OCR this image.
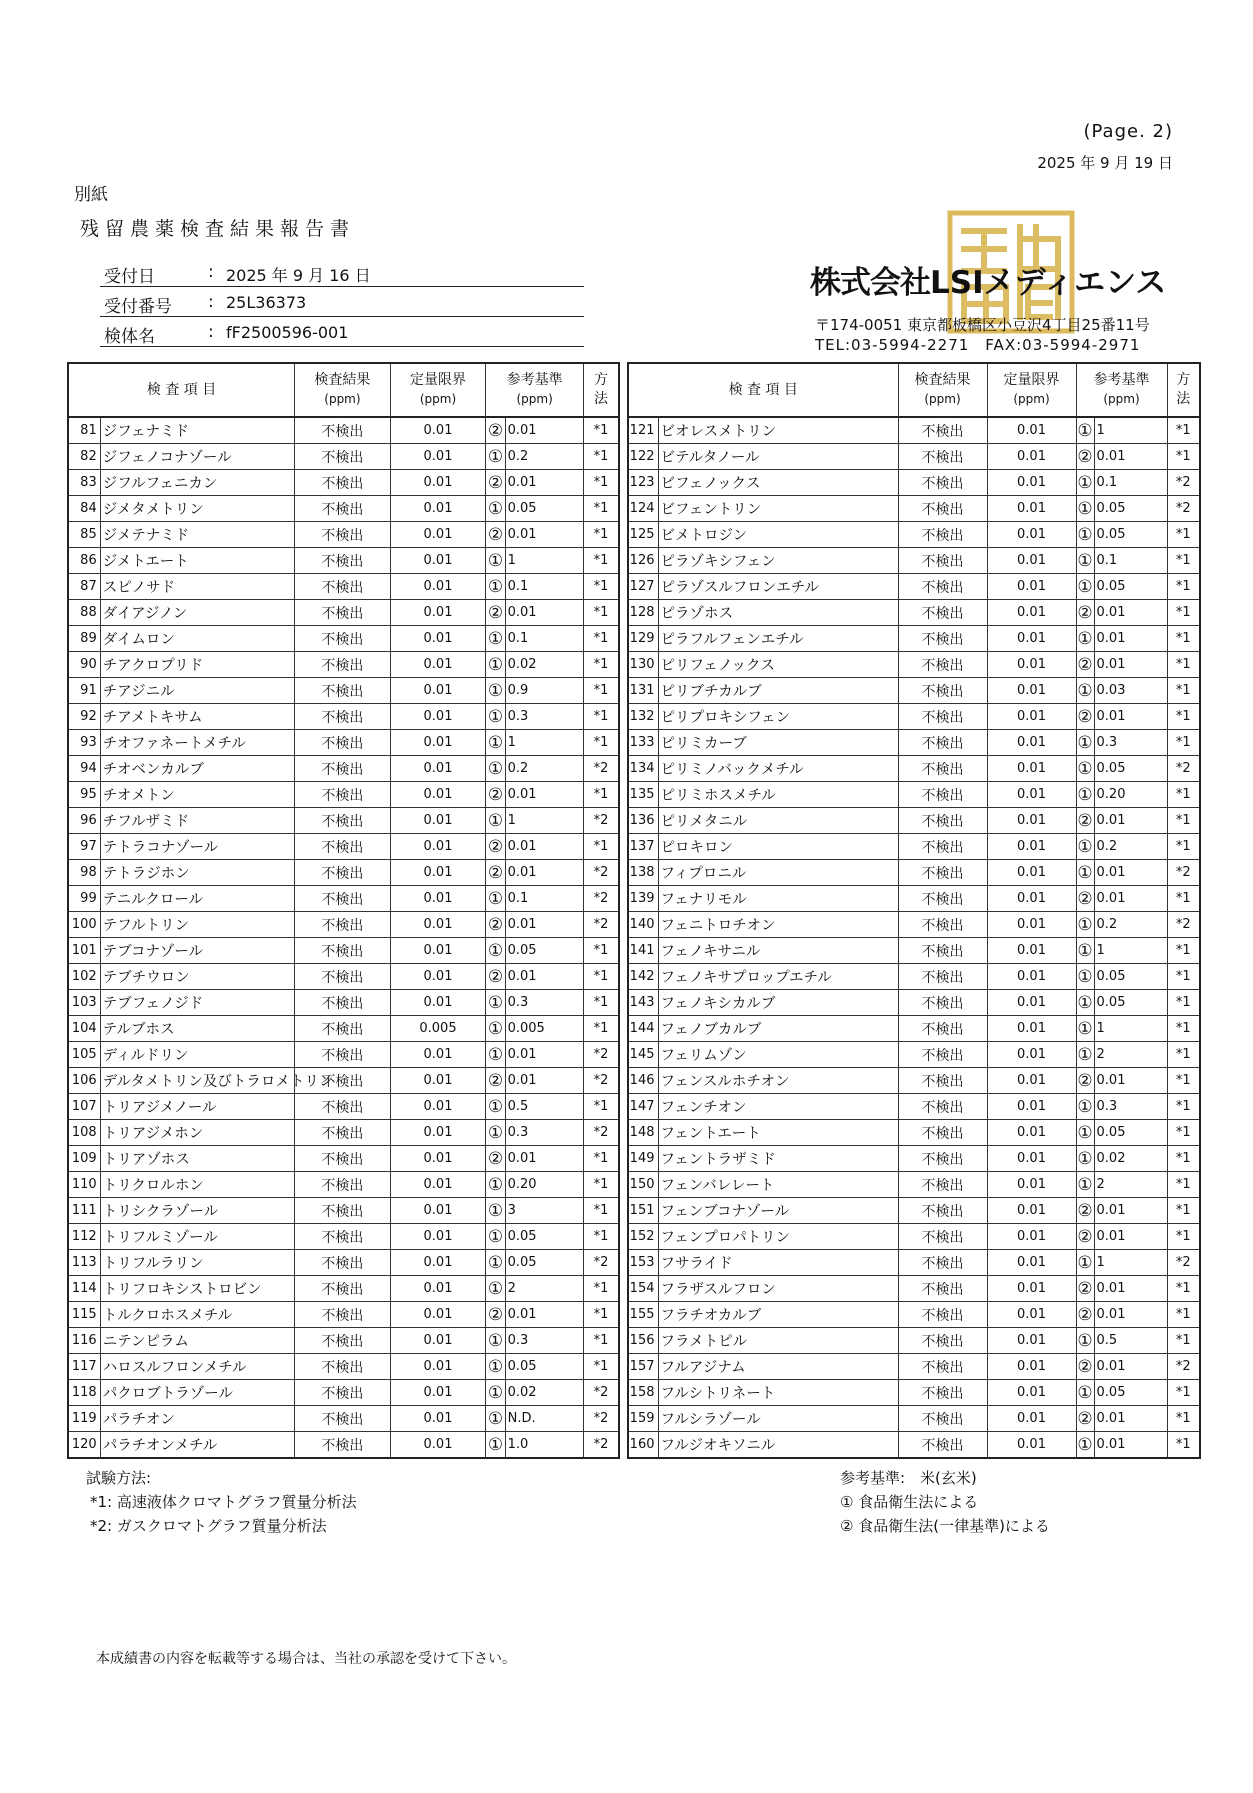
(Page. 2)
2025 年 9 月 19 日
別紙
残留農薬検査結果報告書
受付日	: 2025 年 9 月 16 日
受付番号 : 25L36373
検体名	: fF2500596-001
株式会社LSIメディエンス
〒174-0051 東京都板橋区小豆沢4丁目25番11号
TEL:03-5994-2271　FAX:03-5994-2971
検 査 項 目		検査結果
(ppm)	定量限界
(ppm)	参考基準
(ppm)		方
法
81	ジフェナミド	不検出	0.01	②	0.01	*1
82	ジフェノコナゾール	不検出	0.01	①	0.2	*1
83	ジフルフェニカン	不検出	0.01	②	0.01	*1
84	ジメタメトリン	不検出	0.01	①	0.05	*1
85	ジメテナミド	不検出	0.01	②	0.01	*1
86	ジメトエート	不検出	0.01	①	1	*1
87	スピノサド	不検出	0.01	①	0.1	*1
88	ダイアジノン	不検出	0.01	②	0.01	*1
89	ダイムロン	不検出	0.01	①	0.1	*1
90	チアクロプリド	不検出	0.01	①	0.02	*1
91	チアジニル	不検出	0.01	①	0.9	*1
92	チアメトキサム	不検出	0.01	①	0.3	*1
93	チオファネートメチル	不検出	0.01	①	1	*1
94	チオベンカルブ	不検出	0.01	①	0.2	*2
95	チオメトン	不検出	0.01	②	0.01	*1
96	チフルザミド	不検出	0.01	①	1	*2
97	テトラコナゾール	不検出	0.01	②	0.01	*1
98	テトラジホン	不検出	0.01	②	0.01	*2
99	テニルクロール	不検出	0.01	①	0.1	*2
100	テフルトリン	不検出	0.01	②	0.01	*2
101	テブコナゾール	不検出	0.01	①	0.05	*1
102	テブチウロン	不検出	0.01	②	0.01	*1
103	テブフェノジド	不検出	0.01	①	0.3	*1
104	テルブホス	不検出	0.005	①	0.005	*1
105	ディルドリン	不検出	0.01	①	0.01	*2
106	デルタメトリン及びトラロメトリン	不検出	0.01	②	0.01	*2
107	トリアジメノール	不検出	0.01	①	0.5	*1
108	トリアジメホン	不検出	0.01	①	0.3	*2
109	トリアゾホス	不検出	0.01	②	0.01	*1
110	トリクロルホン	不検出	0.01	①	0.20	*1
111	トリシクラゾール	不検出	0.01	①	3	*1
112	トリフルミゾール	不検出	0.01	①	0.05	*1
113	トリフルラリン	不検出	0.01	①	0.05	*2
114	トリフロキシストロビン	不検出	0.01	①	2	*1
115	トルクロホスメチル	不検出	0.01	②	0.01	*1
116	ニテンピラム	不検出	0.01	①	0.3	*1
117	ハロスルフロンメチル	不検出	0.01	①	0.05	*1
118	パクロブトラゾール	不検出	0.01	①	0.02	*2
119	パラチオン	不検出	0.01	①	N.D.	*2
120	パラチオンメチル	不検出	0.01	①	1.0	*2
検 査 項 目		検査結果
(ppm)	定量限界
(ppm)	参考基準
(ppm)		方
法
121	ビオレスメトリン	不検出	0.01	①	1	*1
122	ビテルタノール	不検出	0.01	②	0.01	*1
123	ビフェノックス	不検出	0.01	①	0.1	*2
124	ビフェントリン	不検出	0.01	①	0.05	*2
125	ビメトロジン	不検出	0.01	①	0.05	*1
126	ピラゾキシフェン	不検出	0.01	①	0.1	*1
127	ピラゾスルフロンエチル	不検出	0.01	①	0.05	*1
128	ピラゾホス	不検出	0.01	②	0.01	*1
129	ピラフルフェンエチル	不検出	0.01	①	0.01	*1
130	ピリフェノックス	不検出	0.01	②	0.01	*1
131	ピリブチカルブ	不検出	0.01	①	0.03	*1
132	ピリプロキシフェン	不検出	0.01	②	0.01	*1
133	ピリミカーブ	不検出	0.01	①	0.3	*1
134	ピリミノバックメチル	不検出	0.01	①	0.05	*2
135	ピリミホスメチル	不検出	0.01	①	0.20	*1
136	ピリメタニル	不検出	0.01	②	0.01	*1
137	ピロキロン	不検出	0.01	①	0.2	*1
138	フィプロニル	不検出	0.01	①	0.01	*2
139	フェナリモル	不検出	0.01	②	0.01	*1
140	フェニトロチオン	不検出	0.01	①	0.2	*2
141	フェノキサニル	不検出	0.01	①	1	*1
142	フェノキサプロップエチル	不検出	0.01	①	0.05	*1
143	フェノキシカルブ	不検出	0.01	①	0.05	*1
144	フェノブカルブ	不検出	0.01	①	1	*1
145	フェリムゾン	不検出	0.01	①	2	*1
146	フェンスルホチオン	不検出	0.01	②	0.01	*1
147	フェンチオン	不検出	0.01	①	0.3	*1
148	フェントエート	不検出	0.01	①	0.05	*1
149	フェントラザミド	不検出	0.01	①	0.02	*1
150	フェンバレレート	不検出	0.01	①	2	*1
151	フェンブコナゾール	不検出	0.01	②	0.01	*1
152	フェンプロパトリン	不検出	0.01	②	0.01	*1
153	フサライド	不検出	0.01	①	1	*2
154	フラザスルフロン	不検出	0.01	②	0.01	*1
155	フラチオカルブ	不検出	0.01	②	0.01	*1
156	フラメトピル	不検出	0.01	①	0.5	*1
157	フルアジナム	不検出	0.01	②	0.01	*2
158	フルシトリネート	不検出	0.01	①	0.05	*1
159	フルシラゾール	不検出	0.01	②	0.01	*1
160	フルジオキソニル	不検出	0.01	①	0.01	*1
試験方法:
*1: 高速液体クロマトグラフ質量分析法
*2: ガスクロマトグラフ質量分析法
参考基準:　米(玄米)
① 食品衛生法による
② 食品衛生法(一律基準)による
本成績書の内容を転載等する場合は、当社の承認を受けて下さい。
